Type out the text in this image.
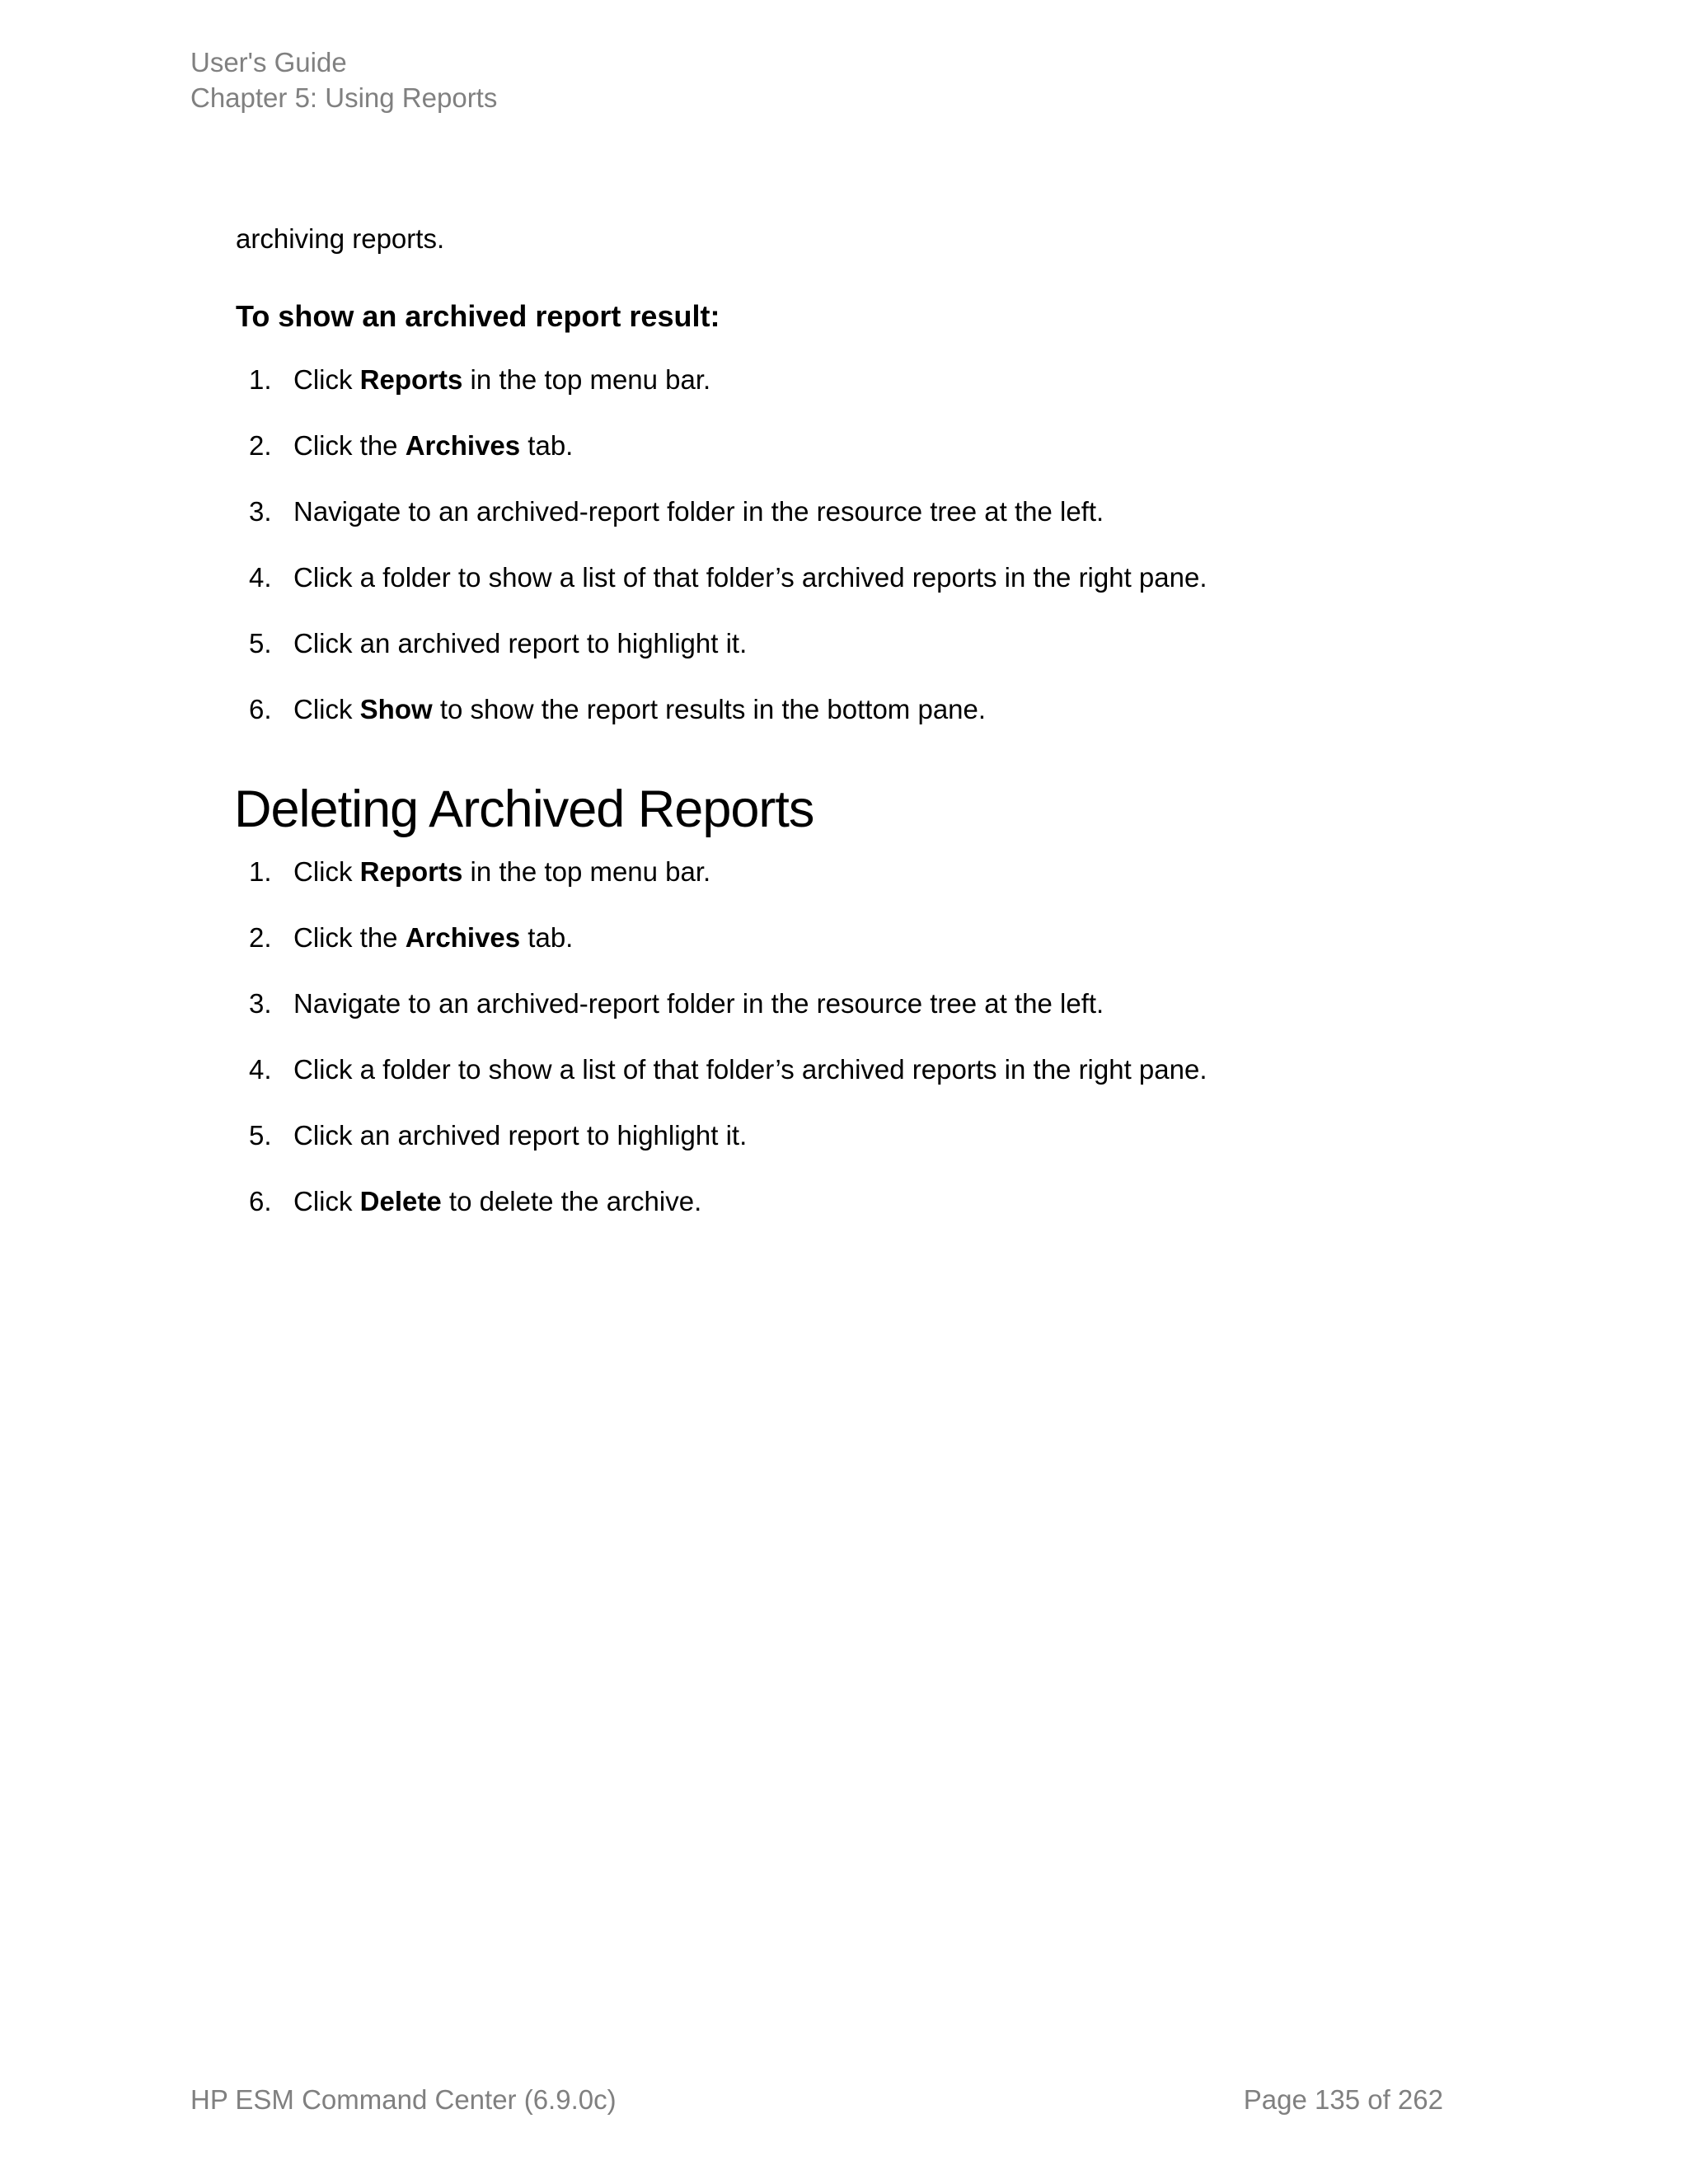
User's Guide
Chapter 5: Using Reports

archiving reports.

To show an archived report result:
1. Click Reports in the top menu bar.
2. Click the Archives tab.
3. Navigate to an archived-report folder in the resource tree at the left.
4. Click a folder to show a list of that folder’s archived reports in the right pane.
5. Click an archived report to highlight it.
6. Click Show to show the report results in the bottom pane.
Deleting Archived Reports
1. Click Reports in the top menu bar.
2. Click the Archives tab.
3. Navigate to an archived-report folder in the resource tree at the left.
4. Click a folder to show a list of that folder’s archived reports in the right pane.
5. Click an archived report to highlight it.
6. Click Delete to delete the archive.
HP ESM Command Center (6.9.0c)	Page 135 of 262
